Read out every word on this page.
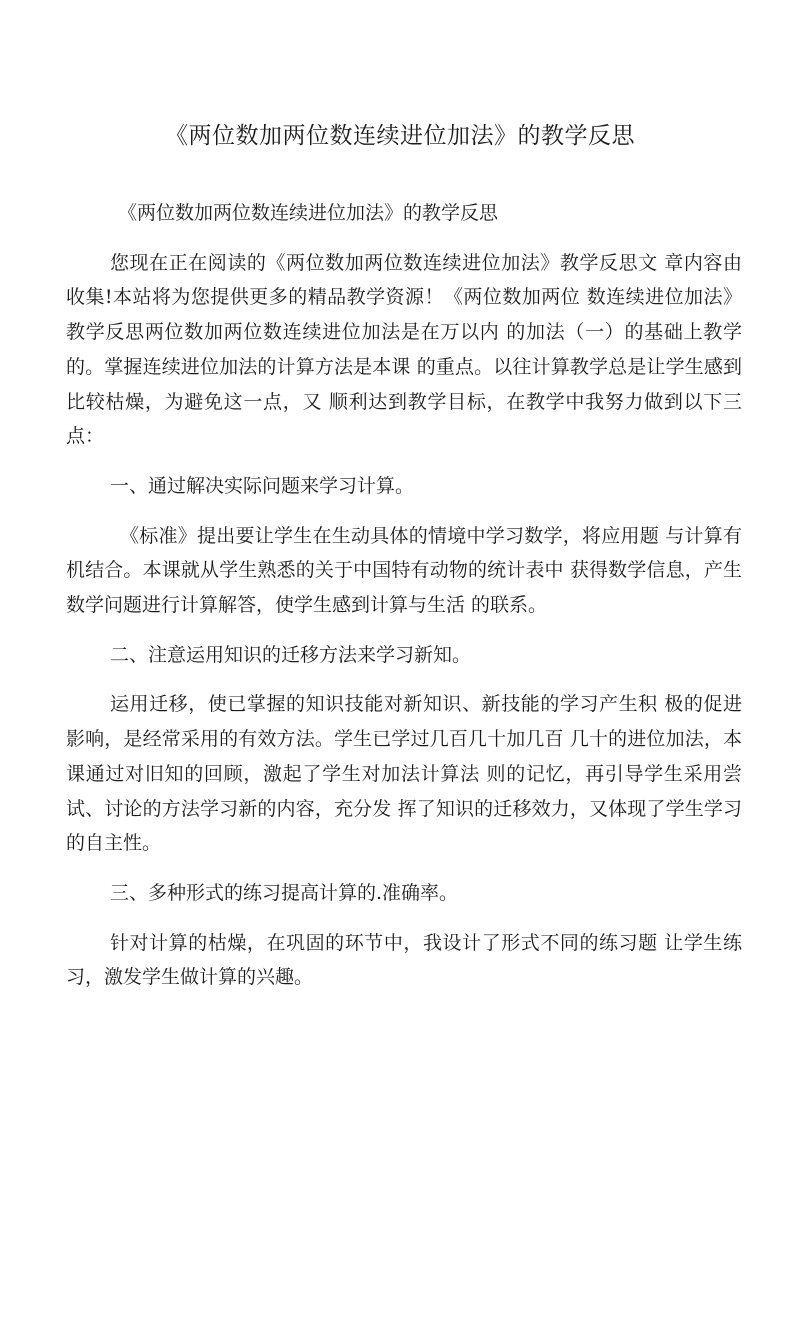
《两位数加两位数连续进位加法》的教学反思

《两位数加两位数连续进位加法》的教学反思

您现在正在阅读的《两位数加两位数连续进位加法》教学反思文 章内容由收集!本站将为您提供更多的精品教学资源！《两位数加两位 数连续进位加法》教学反思两位数加两位数连续进位加法是在万以内 的加法（一）的基础上教学的。掌握连续进位加法的计算方法是本课 的重点。以往计算教学总是让学生感到比较枯燥，为避免这一点，又 顺利达到教学目标，在教学中我努力做到以下三点：

一、通过解决实际问题来学习计算。

《标准》提出要让学生在生动具体的情境中学习数学，将应用题 与计算有机结合。本课就从学生熟悉的关于中国特有动物的统计表中 获得数学信息，产生数学问题进行计算解答，使学生感到计算与生活 的联系。

二、注意运用知识的迁移方法来学习新知。

运用迁移，使已掌握的知识技能对新知识、新技能的学习产生积 极的促进影响，是经常采用的有效方法。学生已学过几百几十加几百 几十的进位加法，本课通过对旧知的回顾，激起了学生对加法计算法 则的记忆，再引导学生采用尝试、讨论的方法学习新的内容，充分发 挥了知识的迁移效力，又体现了学生学习的自主性。

三、多种形式的练习提高计算的.准确率。

针对计算的枯燥，在巩固的环节中，我设计了形式不同的练习题 让学生练习，激发学生做计算的兴趣。
